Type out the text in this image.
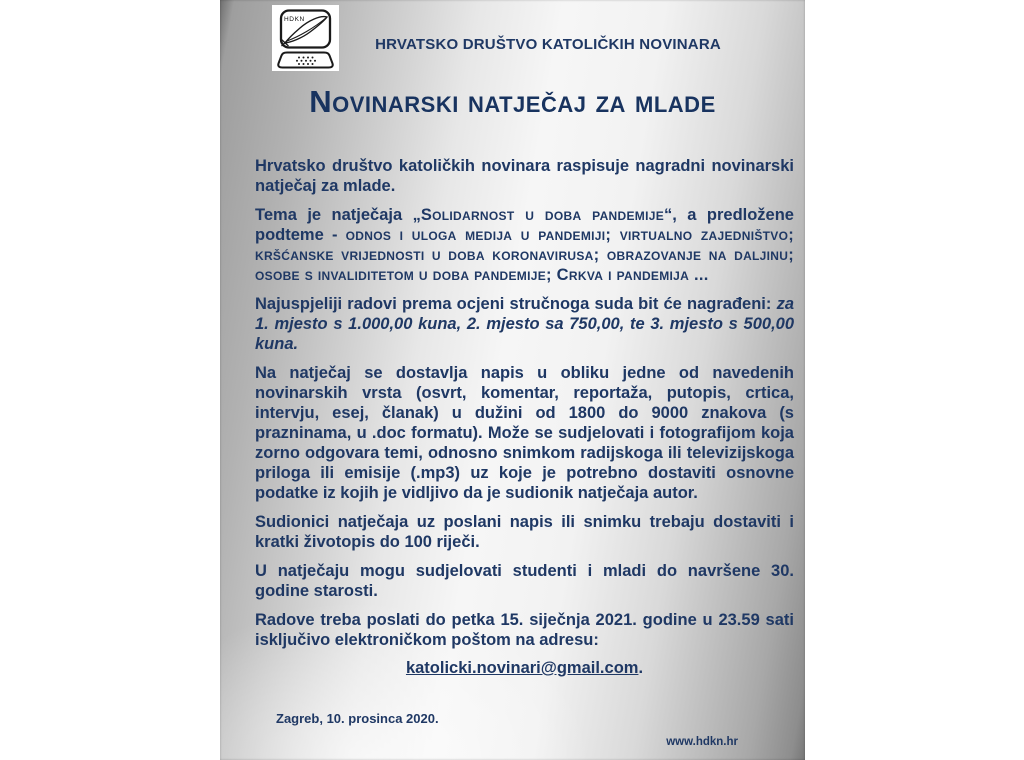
HDKN
HRVATSKO DRUŠTVO KATOLIČKIH NOVINARA
Novinarski natječaj za mlade

Hrvatsko društvo katoličkih novinara raspisuje nagradni novinarski natječaj za mlade.

Tema je natječaja „Solidarnost u doba pandemije“, a predložene podteme - odnos i uloga medija u pandemiji; virtualno zajedništvo; kršćanske vrijednosti u doba koronavirusa; obrazovanje na daljinu; osobe s invaliditetom u doba pandemije; Crkva i pandemija ...

Najuspjeliji radovi prema ocjeni stručnoga suda bit će nagrađeni: za 1. mjesto s 1.000,00 kuna, 2. mjesto sa 750,00, te 3. mjesto s 500,00 kuna.

Na natječaj se dostavlja napis u obliku jedne od navedenih novinarskih vrsta (osvrt, komentar, reportaža, putopis, crtica, intervju, esej, članak) u dužini od 1800 do 9000 znakova (s prazninama, u .doc formatu). Može se sudjelovati i fotografijom koja zorno odgovara temi, odnosno snimkom radijskoga ili televizijskoga priloga ili emisije (.mp3) uz koje je potrebno dostaviti osnovne podatke iz kojih je vidljivo da je sudionik natječaja autor.

Sudionici natječaja uz poslani napis ili snimku trebaju dostaviti i kratki životopis do 100 riječi.

U natječaju mogu sudjelovati studenti i mladi do navršene 30. godine starosti.

Radove treba poslati do petka 15. siječnja 2021. godine u 23.59 sati isključivo elektroničkom poštom na adresu:

katolicki.novinari@gmail.com.
Zagreb, 10. prosinca 2020.
www.hdkn.hr
